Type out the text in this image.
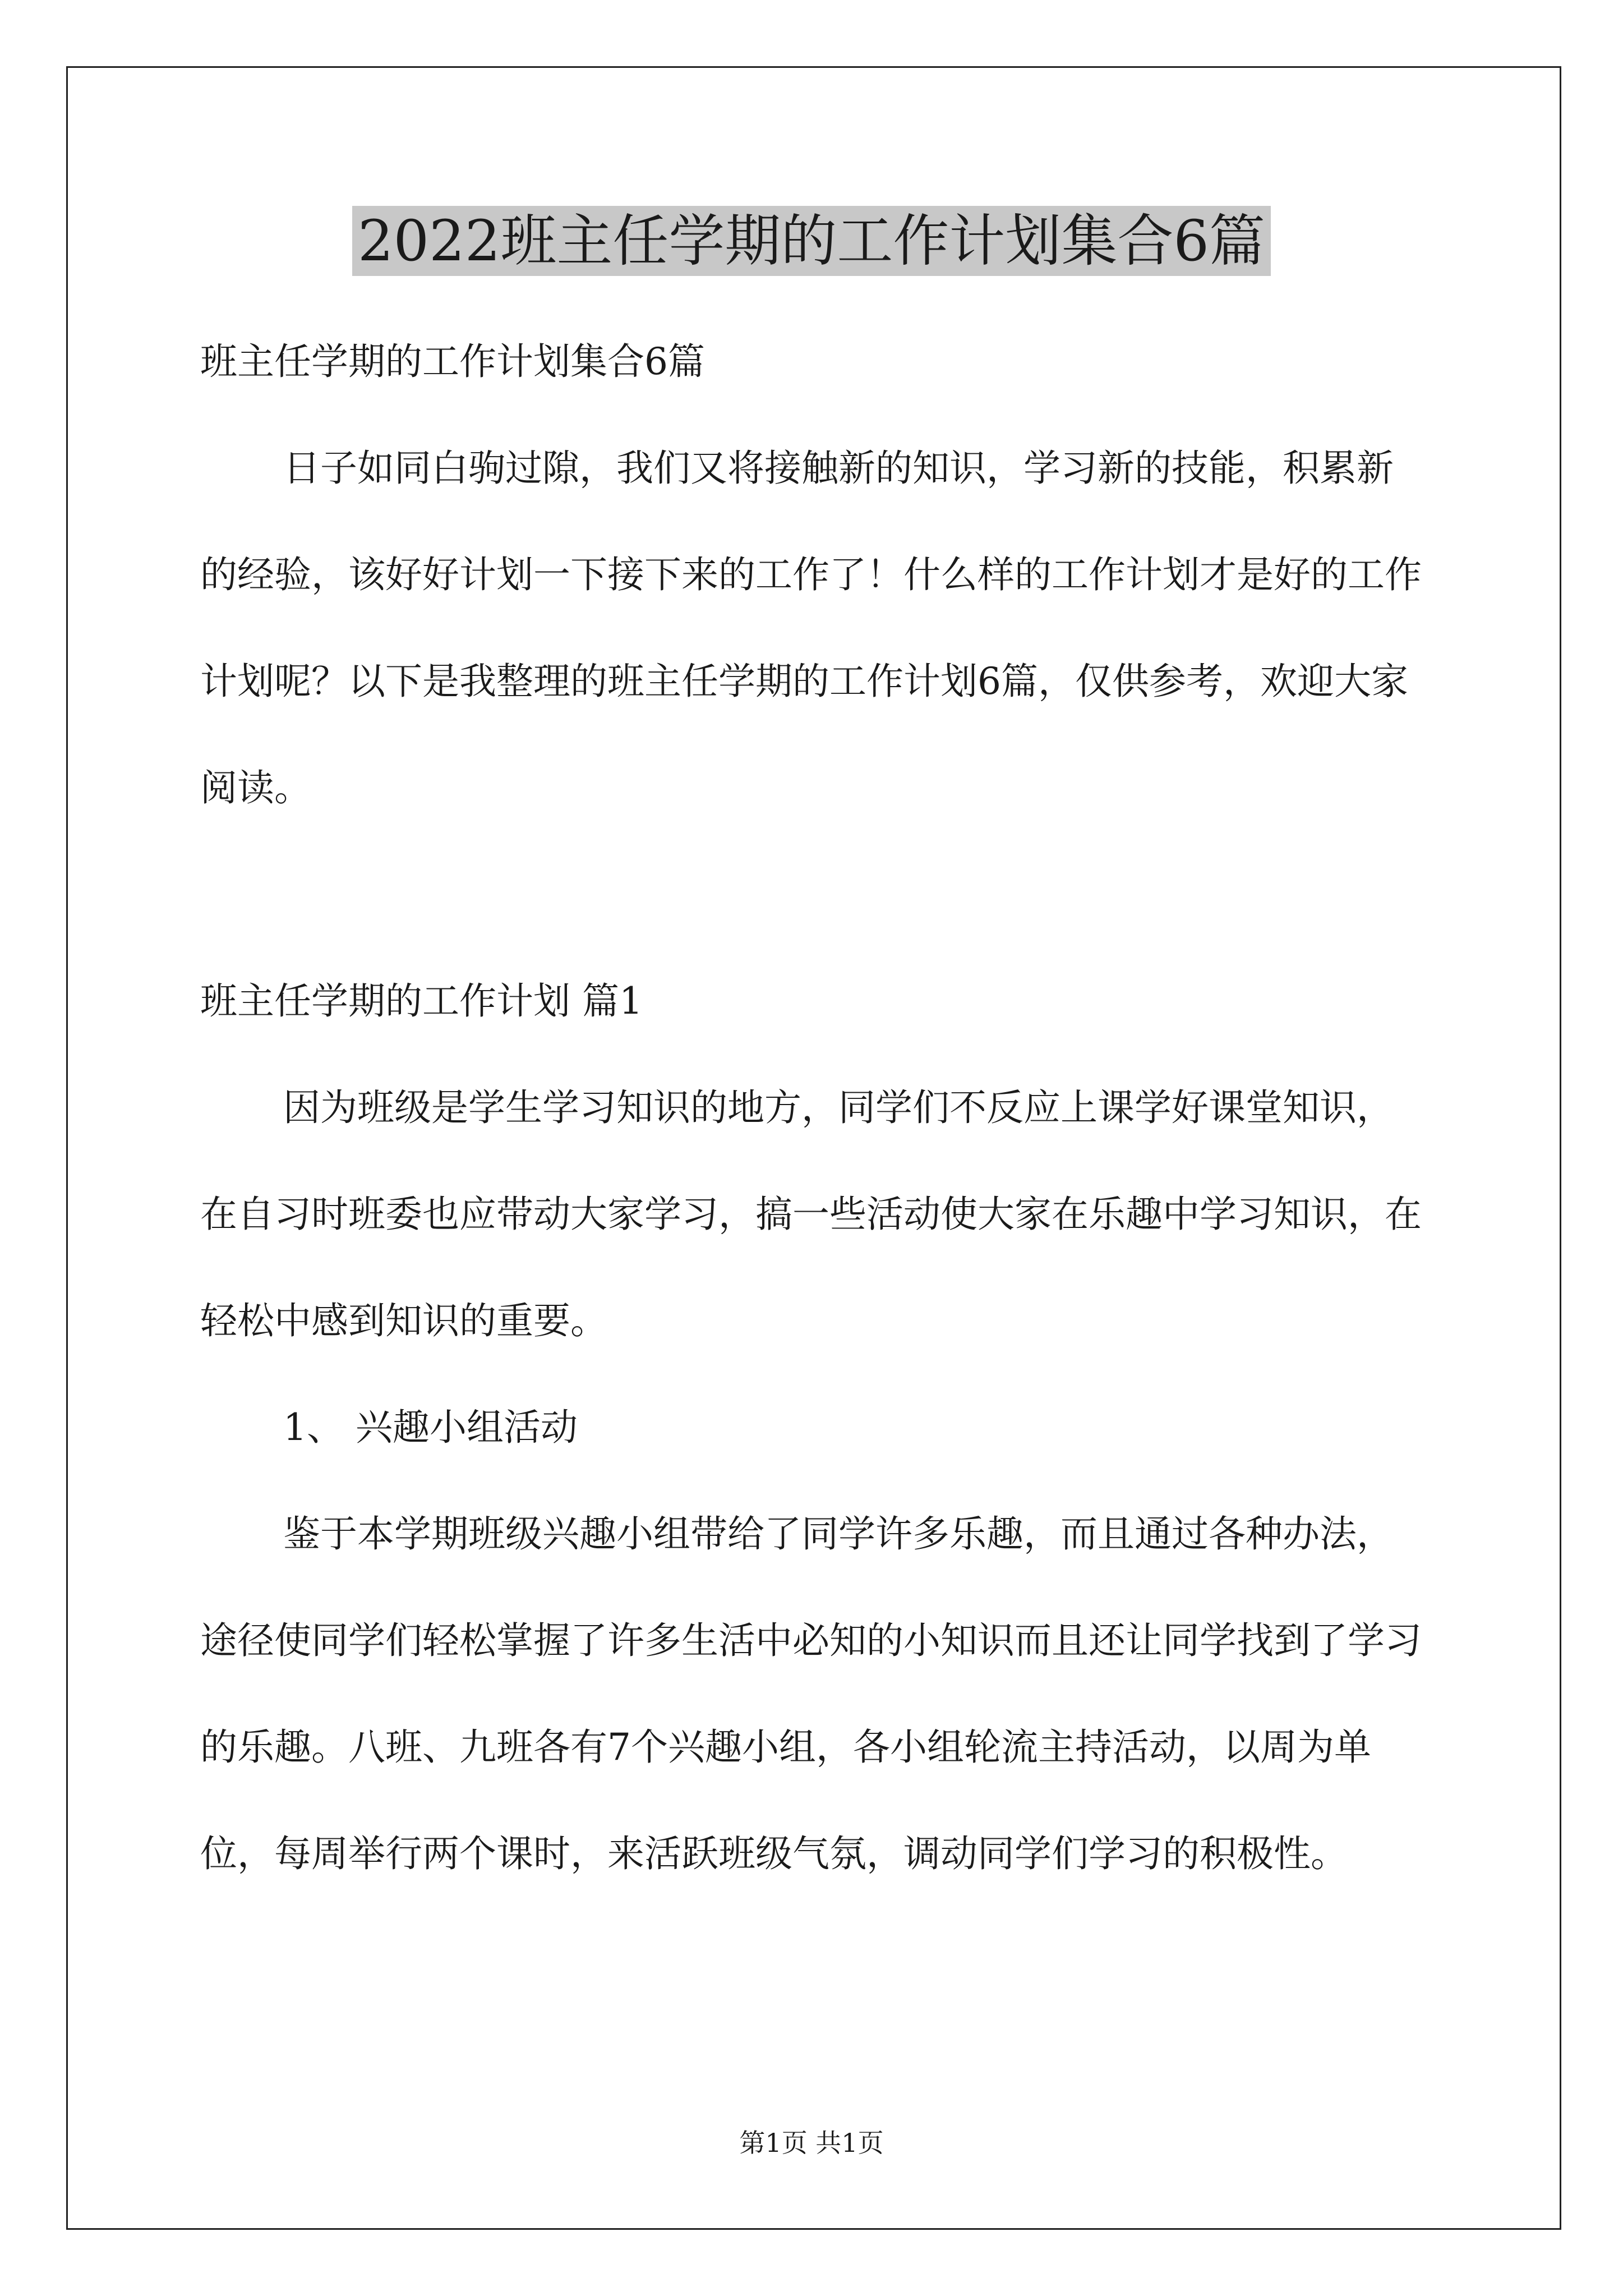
2022班主任学期的工作计划集合6篇

班主任学期的工作计划集合6篇

日子如同白驹过隙，我们又将接触新的知识，学习新的技能，积累新的经验，该好好计划一下接下来的工作了！什么样的工作计划才是好的工作计划呢？以下是我整理的班主任学期的工作计划6篇，仅供参考，欢迎大家阅读。

班主任学期的工作计划 篇1

因为班级是学生学习知识的地方，同学们不反应上课学好课堂知识，在自习时班委也应带动大家学习，搞一些活动使大家在乐趣中学习知识，在轻松中感到知识的重要。

1、 兴趣小组活动

鉴于本学期班级兴趣小组带给了同学许多乐趣，而且通过各种办法，途径使同学们轻松掌握了许多生活中必知的小知识而且还让同学找到了学习的乐趣。八班、九班各有7个兴趣小组，各小组轮流主持活动，以周为单位，每周举行两个课时，来活跃班级气氛，调动同学们学习的积极性。

第1页 共1页
